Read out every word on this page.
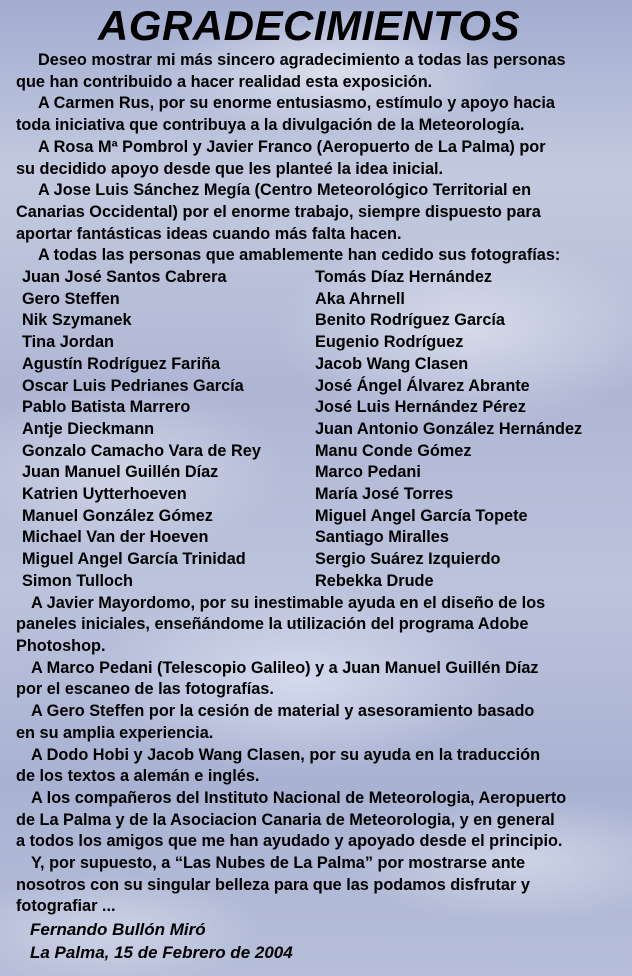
AGRADECIMIENTOS

Deseo mostrar mi más sincero agradecimiento a todas las personas
que han contribuido a hacer realidad esta exposición.

A Carmen Rus, por su enorme entusiasmo, estímulo y apoyo hacia
toda iniciativa que contribuya a la divulgación de la Meteorología.

A Rosa Mª Pombrol y Javier Franco (Aeropuerto de La Palma) por
su decidido apoyo desde que les planteé la idea inicial.

A Jose Luis Sánchez Megía (Centro Meteorológico Territorial en
Canarias Occidental) por el enorme trabajo, siempre dispuesto para
aportar fantásticas ideas cuando más falta hacen.

A todas las personas que amablemente han cedido sus fotografías:

Juan José Santos Cabrera
Gero Steffen
Nik Szymanek
Tina Jordan
Agustín Rodríguez Fariña
Oscar Luis Pedrianes García
Pablo Batista Marrero
Antje Dieckmann
Gonzalo Camacho Vara de Rey
Juan Manuel Guillén Díaz
Katrien Uytterhoeven
Manuel González Gómez
Michael Van der Hoeven
Miguel Angel García Trinidad
Simon Tulloch
Tomás Díaz Hernández
Aka Ahrnell
Benito Rodríguez García
Eugenio Rodríguez
Jacob Wang Clasen
José Ángel Álvarez Abrante
José Luis Hernández Pérez
Juan Antonio González Hernández
Manu Conde Gómez
Marco Pedani
María José Torres
Miguel Angel García Topete
Santiago Miralles
Sergio Suárez Izquierdo
Rebekka Drude

A Javier Mayordomo, por su inestimable ayuda en el diseño de los
paneles iniciales, enseñándome la utilización del programa Adobe
Photoshop.

A Marco Pedani (Telescopio Galileo) y a Juan Manuel Guillén Díaz
por el escaneo de las fotografías.

A Gero Steffen por la cesión de material y asesoramiento basado
en su amplia experiencia.

A Dodo Hobi y Jacob Wang Clasen, por su ayuda en la traducción
de los textos a alemán e inglés.

A los compañeros del Instituto Nacional de Meteorologia, Aeropuerto
de La Palma y de la Asociacion Canaria de Meteorologia, y en general
a todos los amigos que me han ayudado y apoyado desde el principio.

Y, por supuesto, a “Las Nubes de La Palma” por mostrarse ante
nosotros con su singular belleza para que las podamos disfrutar y
fotografiar ...

Fernando Bullón Miró
La Palma, 15 de Febrero de 2004
